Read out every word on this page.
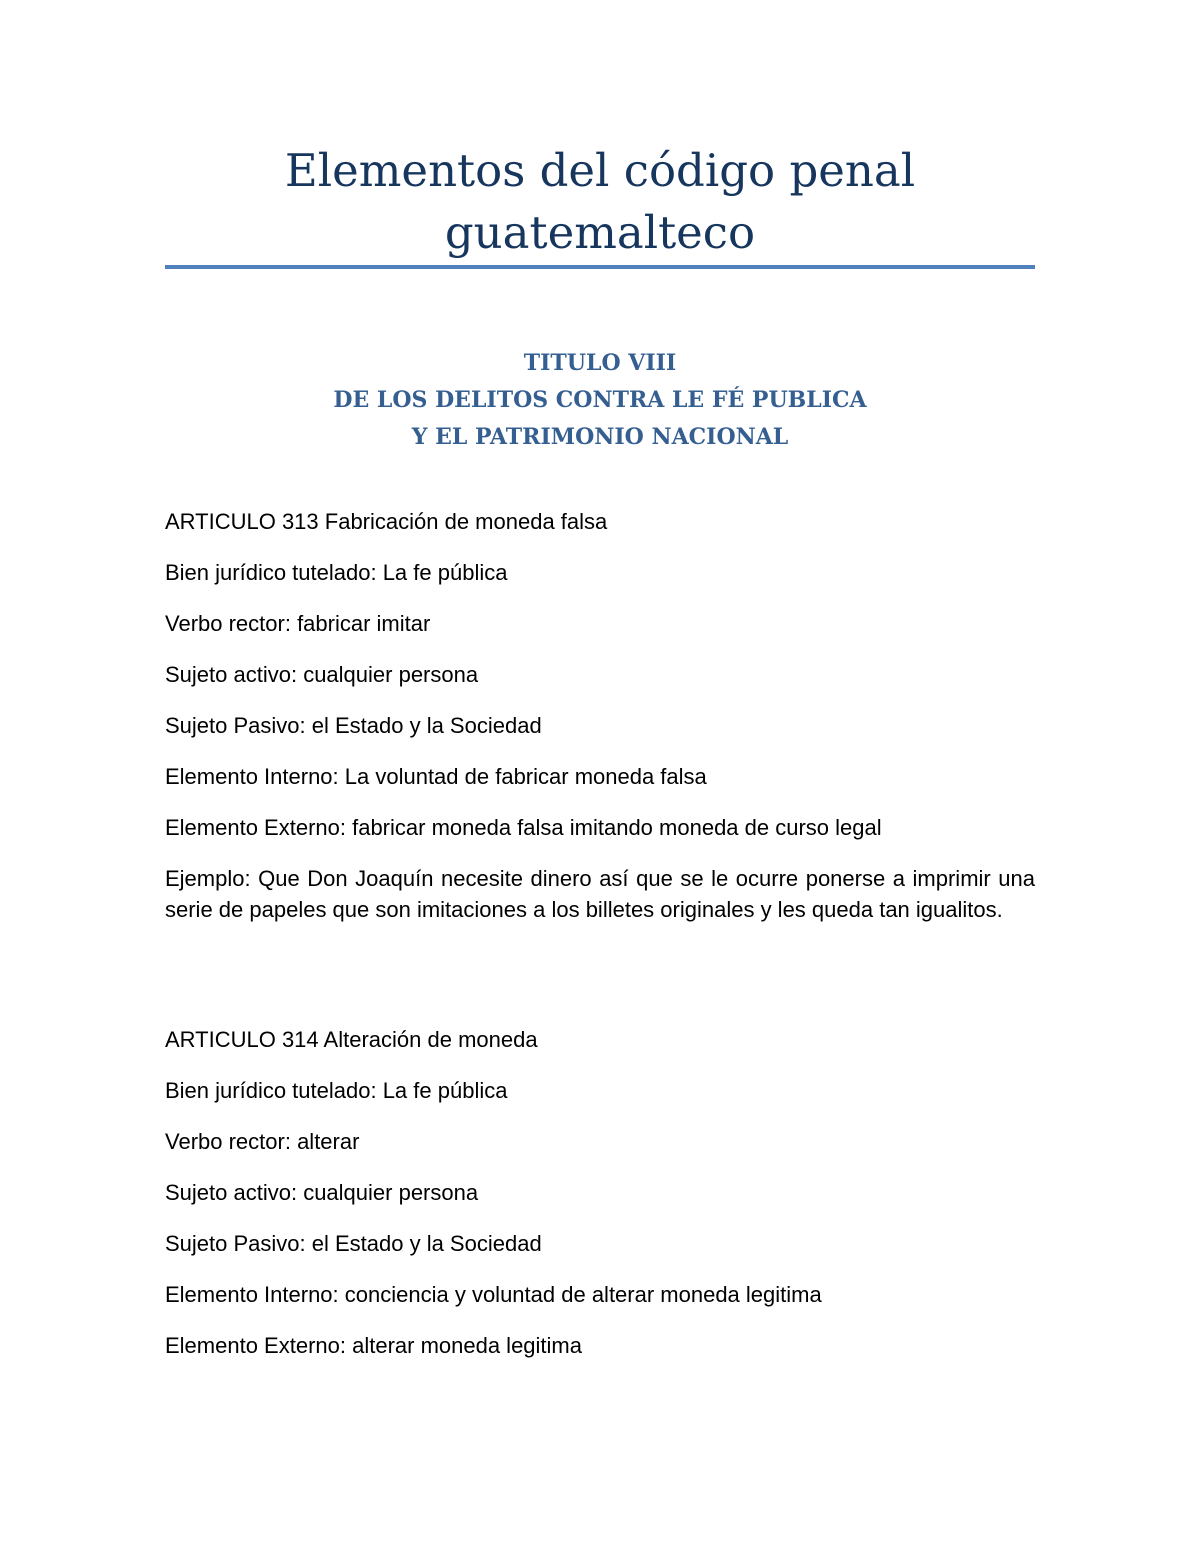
Elementos del código penal
guatemalteco
TITULO VIII
DE LOS DELITOS CONTRA LE FÉ PUBLICA
Y EL PATRIMONIO NACIONAL
ARTICULO 313 Fabricación de moneda falsa
Bien jurídico tutelado: La fe pública
Verbo rector: fabricar imitar
Sujeto activo: cualquier persona
Sujeto Pasivo: el Estado y la Sociedad
Elemento Interno: La voluntad de fabricar moneda falsa
Elemento Externo: fabricar moneda falsa imitando moneda de curso legal
Ejemplo: Que Don Joaquín necesite dinero así que se le ocurre ponerse a imprimir una serie de papeles que son imitaciones a los billetes originales y les queda tan igualitos.
ARTICULO 314 Alteración de moneda
Bien jurídico tutelado: La fe pública
Verbo rector: alterar
Sujeto activo: cualquier persona
Sujeto Pasivo: el Estado y la Sociedad
Elemento Interno: conciencia y voluntad de alterar moneda legitima
Elemento Externo: alterar moneda legitima
